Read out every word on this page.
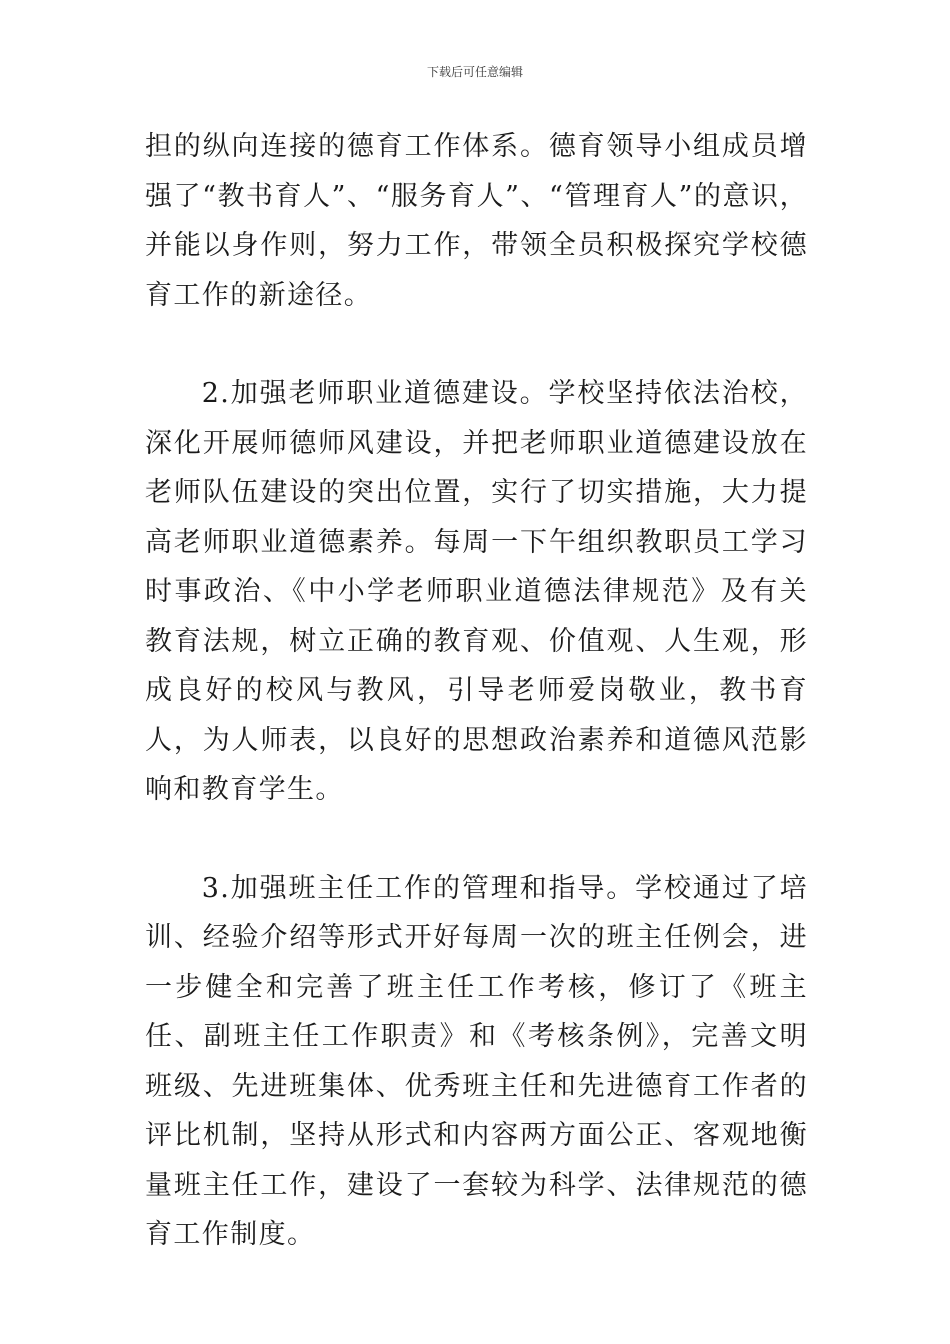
下载后可任意编辑

担的纵向连接的德育工作体系。德育领导小组成员增强了“教书育人”、“服务育人”、“管理育人”的意识，并能以身作则，努力工作，带领全员积极探究学校德育工作的新途径。

2.加强老师职业道德建设。学校坚持依法治校，深化开展师德师风建设，并把老师职业道德建设放在老师队伍建设的突出位置，实行了切实措施，大力提高老师职业道德素养。每周一下午组织教职员工学习时事政治、《中小学老师职业道德法律规范》及有关教育法规，树立正确的教育观、价值观、人生观，形成良好的校风与教风，引导老师爱岗敬业，教书育人，为人师表，以良好的思想政治素养和道德风范影响和教育学生。

3.加强班主任工作的管理和指导。学校通过了培训、经验介绍等形式开好每周一次的班主任例会，进一步健全和完善了班主任工作考核，修订了《班主任、副班主任工作职责》和《考核条例》，完善文明班级、先进班集体、优秀班主任和先进德育工作者的评比机制，坚持从形式和内容两方面公正、客观地衡量班主任工作，建设了一套较为科学、法律规范的德育工作制度。
